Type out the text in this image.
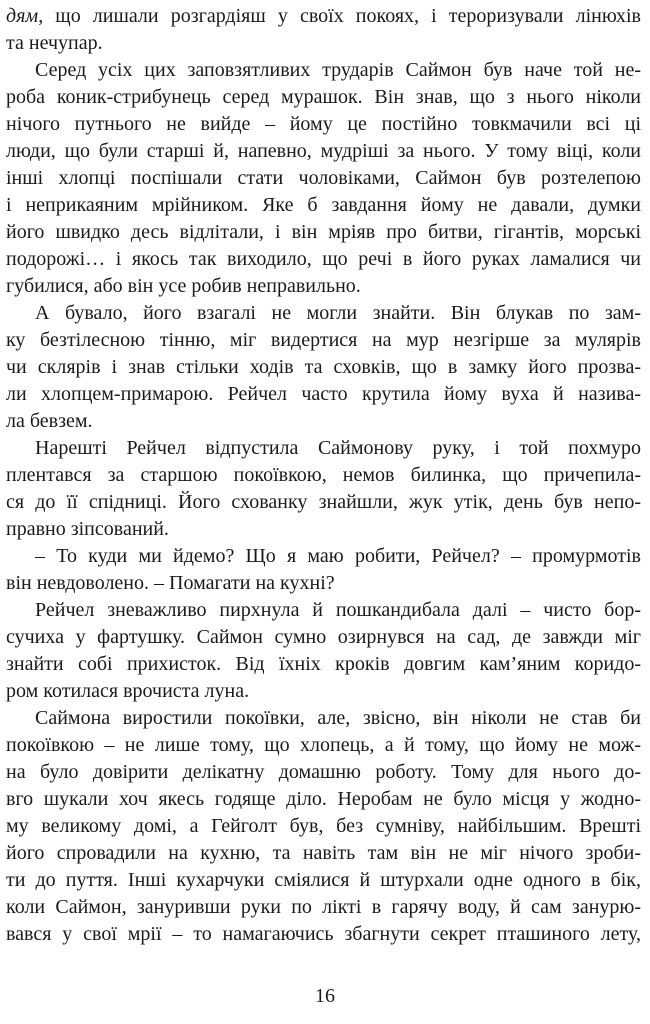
дям, що лишали розгардіяш у своїх покоях, і тероризували лінюхів
та нечупар.
Серед усіх цих заповзятливих трударів Саймон був наче той не-
роба коник-стрибунець серед мурашок. Він знав, що з нього ніколи
нічого путнього не вийде – йому це постійно товкмачили всі ці
люди, що були старші й, напевно, мудріші за нього. У тому віці, коли
інші хлопці поспішали стати чоловіками, Саймон був розтелепою
і неприкаяним мрійником. Яке б завдання йому не давали, думки
його швидко десь відлітали, і він мріяв про битви, гігантів, морські
подорожі… і якось так виходило, що речі в його руках ламалися чи
губилися, або він усе робив неправильно.
А бувало, його взагалі не могли знайти. Він блукав по зам-
ку безтілесною тінню, міг видертися на мур незгірше за мулярів
чи склярів і знав стільки ходів та сховків, що в замку його прозва-
ли хлопцем-примарою. Рейчел часто крутила йому вуха й назива-
ла бевзем.
Нарешті Рейчел відпустила Саймонову руку, і той похмуро
плентався за старшою покоївкою, немов билинка, що причепила-
ся до її спідниці. Його схованку знайшли, жук утік, день був непо-
правно зіпсований.
– То куди ми йдемо? Що я маю робити, Рейчел? – промурмотів
він невдоволено. – Помагати на кухні?
Рейчел зневажливо пирхнула й пошкандибала далі – чисто бор-
сучиха у фартушку. Саймон сумно озирнувся на сад, де завжди міг
знайти собі прихисток. Від їхніх кроків довгим кам’яним коридо-
ром котилася врочиста луна.
Саймона виростили покоївки, але, звісно, він ніколи не став би
покоївкою – не лише тому, що хлопець, а й тому, що йому не мож-
на було довірити делікатну домашню роботу. Тому для нього до-
вго шукали хоч якесь годяще діло. Неробам не було місця у жодно-
му великому домі, а Гейголт був, без сумніву, найбільшим. Врешті
його спровадили на кухню, та навіть там він не міг нічого зроби-
ти до пуття. Інші кухарчуки сміялися й штурхали одне одного в бік,
коли Саймон, зануривши руки по лікті в гарячу воду, й сам занурю-
вався у свої мрії – то намагаючись збагнути секрет пташиного лету,
16
